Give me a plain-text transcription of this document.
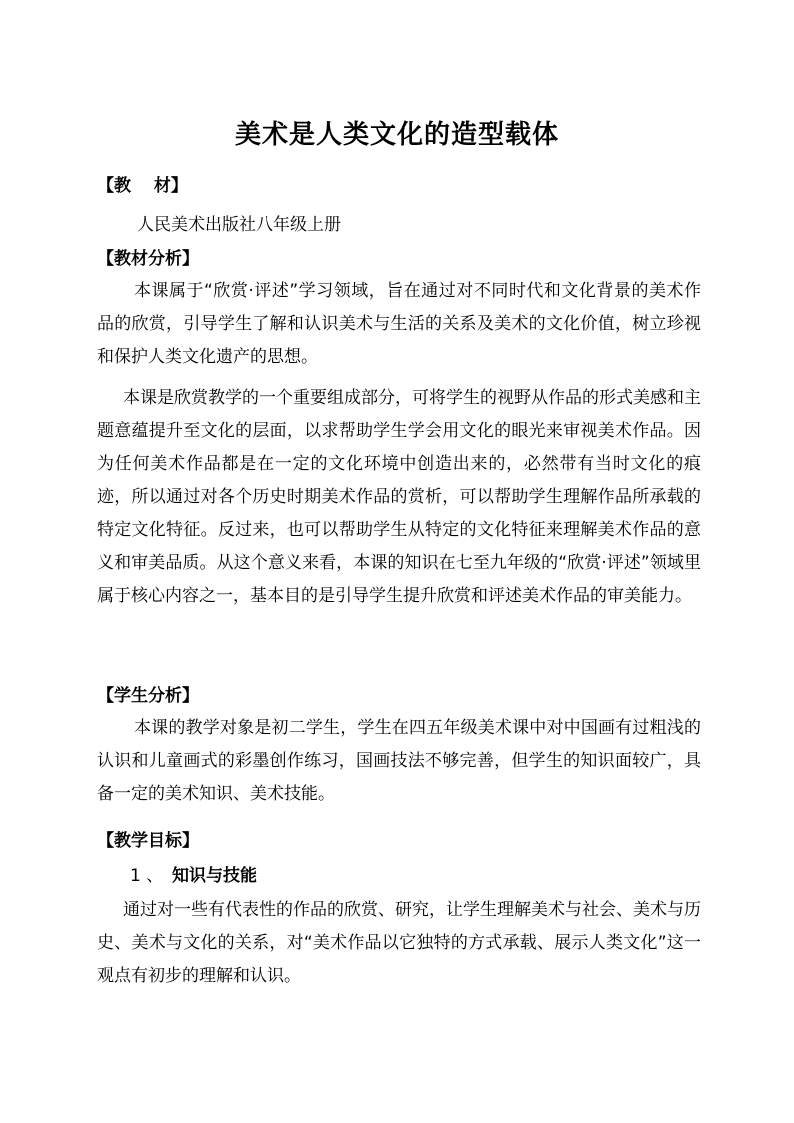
美术是人类文化的造型载体
【教　 材】
人民美术出版社八年级上册
【教材分析】

本课属于“欣赏·评述”学习领域，旨在通过对不同时代和文化背景的美术作品的欣赏，引导学生了解和认识美术与生活的关系及美术的文化价值，树立珍视和保护人类文化遗产的思想。

本课是欣赏教学的一个重要组成部分，可将学生的视野从作品的形式美感和主题意蕴提升至文化的层面，以求帮助学生学会用文化的眼光来审视美术作品。因为任何美术作品都是在一定的文化环境中创造出来的，必然带有当时文化的痕迹，所以通过对各个历史时期美术作品的赏析，可以帮助学生理解作品所承载的特定文化特征。反过来，也可以帮助学生从特定的文化特征来理解美术作品的意义和审美品质。从这个意义来看，本课的知识在七至九年级的“欣赏·评述”领域里属于核心内容之一，基本目的是引导学生提升欣赏和评述美术作品的审美能力。

【学生分析】

本课的教学对象是初二学生，学生在四五年级美术课中对中国画有过粗浅的认识和儿童画式的彩墨创作练习，国画技法不够完善，但学生的知识面较广，具备一定的美术知识、美术技能。

【教学目标】
1 、 知识与技能

通过对一些有代表性的作品的欣赏、研究，让学生理解美术与社会、美术与历史、美术与文化的关系，对“美术作品以它独特的方式承载、展示人类文化”这一观点有初步的理解和认识。
